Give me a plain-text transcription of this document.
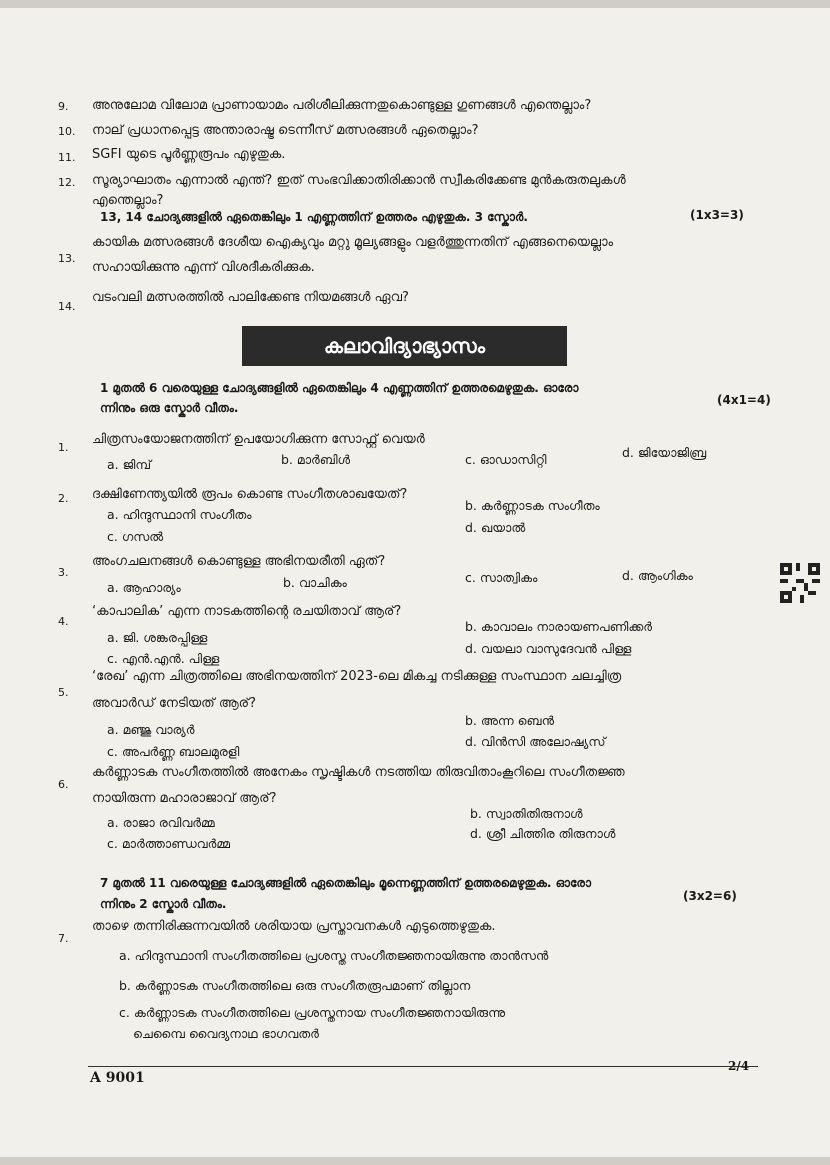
9. അനുലോമ വിലോമ പ്രാണായാമം പരിശീലിക്കുന്നതുകൊണ്ടുള്ള ഗുണങ്ങൾ എന്തെല്ലാം?
10. നാല് പ്രധാനപ്പെട്ട അന്താരാഷ്ട്ര ടെന്നീസ് മത്സരങ്ങൾ ഏതെല്ലാം?
11. SGFI യുടെ പൂർണ്ണരൂപം എഴുതുക.
12. സൂര്യാഘാതം എന്നാൽ എന്ത്? ഇത് സംഭവിക്കാതിരിക്കാൻ സ്വീകരിക്കേണ്ട മുൻകരുതലുകൾ
എന്തെല്ലാം?
13, 14 ചോദ്യങ്ങളിൽ ഏതെങ്കിലും 1 എണ്ണത്തിന് ഉത്തരം എഴുതുക. 3 സ്കോർ.	(1x3=3)
13.
കായിക മത്സരങ്ങൾ ദേശീയ ഐക്യവും മറ്റു മൂല്യങ്ങളും വളർത്തുന്നതിന് എങ്ങനെയെല്ലാം
സഹായിക്കുന്നു എന്ന് വിശദീകരിക്കുക.
14.
വടംവലി മത്സരത്തിൽ പാലിക്കേണ്ട നിയമങ്ങൾ ഏവ?
കലാവിദ്യാഭ്യാസം
1 മുതൽ 6 വരെയുള്ള ചോദ്യങ്ങളിൽ ഏതെങ്കിലും 4 എണ്ണത്തിന് ഉത്തരമെഴുതുക. ഓരോ
ന്നിനും ഒരു സ്കോർ വീതം.
(4x1=4)
1.
ചിത്രസംയോജനത്തിന് ഉപയോഗിക്കുന്ന സോഫ്റ്റ് വെയർ
a. ജിമ്പ്	b. മാർബിൾ	c. ഓഡാസിറ്റി	d. ജിയോജിബ്ര
2. ദക്ഷിണേന്ത്യയിൽ രൂപം കൊണ്ട സംഗീതശാഖയേത്?
a. ഹിന്ദുസ്ഥാനി സംഗീതം
b. കർണ്ണാടക സംഗീതം
c. ഗസൽ
d. ഖയാൽ
3.
അംഗചലനങ്ങൾ കൊണ്ടുള്ള അഭിനയരീതി ഏത്?
a. ആഹാര്യം	b. വാചികം	c. സാത്വികം	d. ആംഗികം
4.
‘കാപാലിക’ എന്ന നാടകത്തിന്റെ രചയിതാവ് ആര്?
a. ജി. ശങ്കരപ്പിള്ള
b. കാവാലം നാരായണപണിക്കർ
c. എൻ.എൻ. പിള്ള
d. വയലാ വാസുദേവൻ പിള്ള
5.
‘രേഖ’ എന്ന ചിത്രത്തിലെ അഭിനയത്തിന് 2023-ലെ മികച്ച നടിക്കുള്ള സംസ്ഥാന ചലച്ചിത്ര
അവാർഡ് നേടിയത് ആര്?
a. മഞ്ജു വാര്യർ
b. അന്ന ബെൻ
c. അപർണ്ണ ബാലമുരളി
d. വിൻസി അലോഷ്യസ്
6.
കർണ്ണാടക സംഗീതത്തിൽ അനേകം സൃഷ്ടികൾ നടത്തിയ തിരുവിതാംകൂറിലെ സംഗീതജ്ഞ
നായിരുന്ന മഹാരാജാവ് ആര്?
a. രാജാ രവിവർമ്മ
b. സ്വാതിതിരുനാൾ
c. മാർത്താണ്ഡവർമ്മ
d. ശ്രീ ചിത്തിര തിരുനാൾ
7 മുതൽ 11 വരെയുള്ള ചോദ്യങ്ങളിൽ ഏതെങ്കിലും മൂന്നെണ്ണത്തിന് ഉത്തരമെഴുതുക. ഓരോ
ന്നിനും 2 സ്കോർ വീതം.
(3x2=6)
7.
താഴെ തന്നിരിക്കുന്നവയിൽ ശരിയായ പ്രസ്താവനകൾ എടുത്തെഴുതുക.
a. ഹിന്ദുസ്ഥാനി സംഗീതത്തിലെ പ്രശസ്ത സംഗീതജ്ഞനായിരുന്നു താൻസൻ
b. കർണ്ണാടക സംഗീതത്തിലെ ഒരു സംഗീതരൂപമാണ് തില്ലാന
c. കർണ്ണാടക സംഗീതത്തിലെ പ്രശസ്തനായ സംഗീതജ്ഞനായിരുന്നു
ചെമ്പൈ വൈദ്യനാഥ ഭാഗവതർ
A 9001
2/4
